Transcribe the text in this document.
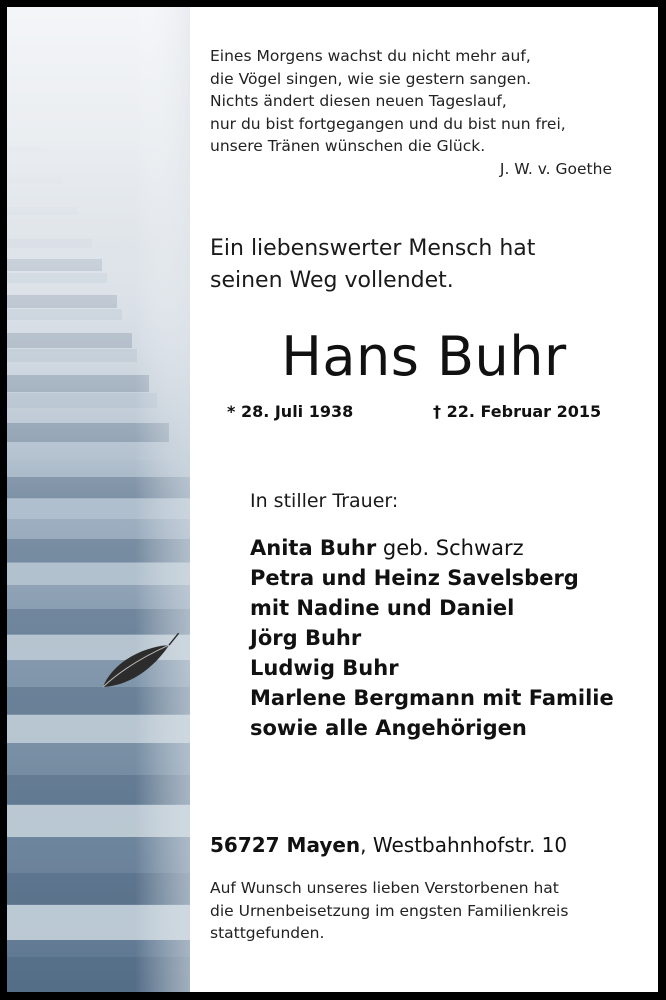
Eines Morgens wachst du nicht mehr auf,
die Vögel singen, wie sie gestern sangen.
Nichts ändert diesen neuen Tageslauf,
nur du bist fortgegangen und du bist nun frei,
unsere Tränen wünschen die Glück.
J. W. v. Goethe
Ein liebenswerter Mensch hat
seinen Weg vollendet.
Hans Buhr
* 28. Juli 1938	† 22. Februar 2015
In stiller Trauer:
Anita Buhr geb. Schwarz
Petra und Heinz Savelsberg
mit Nadine und Daniel
Jörg Buhr
Ludwig Buhr
Marlene Bergmann mit Familie
sowie alle Angehörigen
56727 Mayen, Westbahnhofstr. 10
Auf Wunsch unseres lieben Verstorbenen hat
die Urnenbeisetzung im engsten Familienkreis
stattgefunden.
